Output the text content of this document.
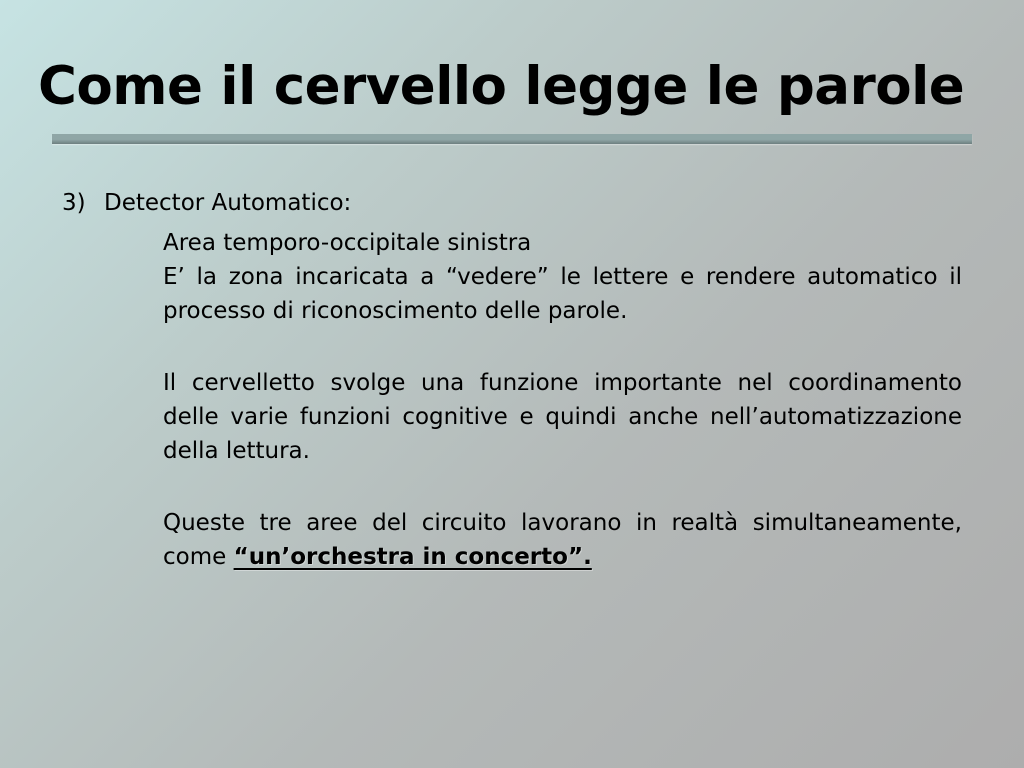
Come il cervello legge le parole
3) Detector Automatico:
Area temporo-occipitale sinistra
E’ la zona incaricata a “vedere” le lettere e rendere automatico il processo di riconoscimento delle parole.
Il cervelletto svolge una funzione importante nel coordinamento delle varie funzioni cognitive e quindi anche nell’automatizzazione della lettura.
Queste tre aree del circuito lavorano in realtà simultaneamente, come “un’orchestra in concerto”.
